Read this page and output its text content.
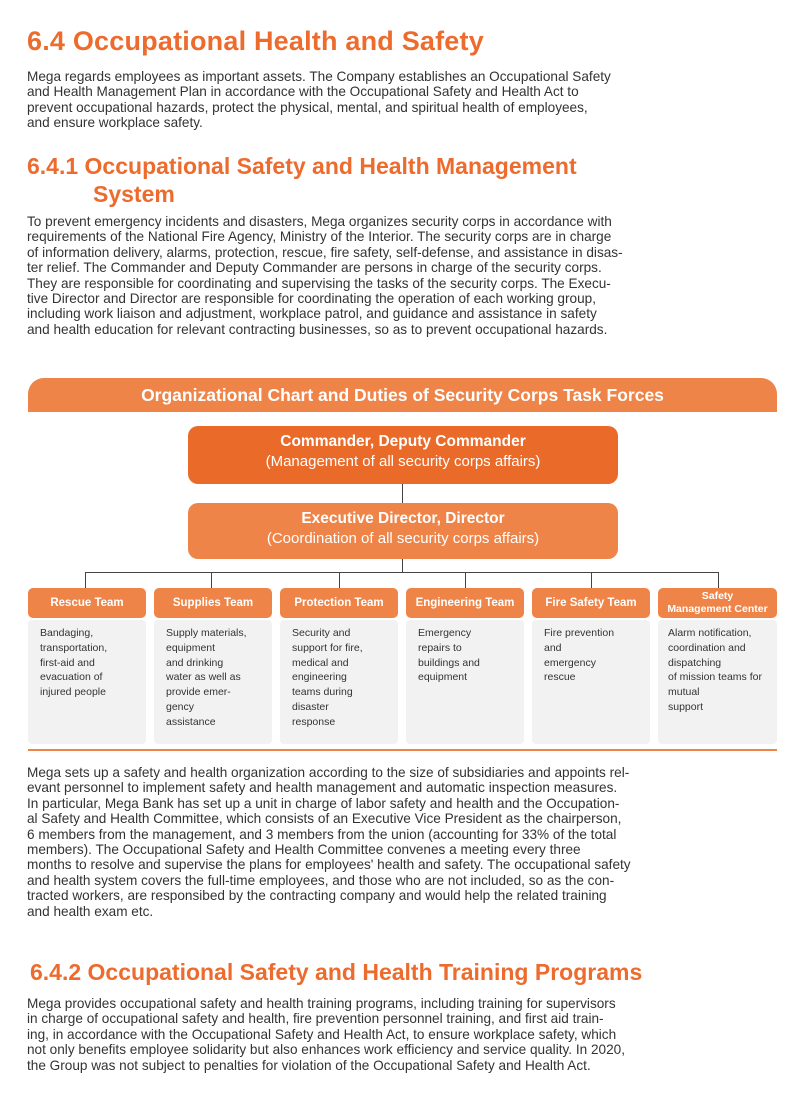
6.4 Occupational Health and Safety
Mega regards employees as important assets. The Company establishes an Occupational Safety
and Health Management Plan in accordance with the Occupational Safety and Health Act to
prevent occupational hazards, protect the physical, mental, and spiritual health of employees,
and ensure workplace safety.
6.4.1 Occupational Safety and Health Management
System
To prevent emergency incidents and disasters, Mega organizes security corps in accordance with
requirements of the National Fire Agency, Ministry of the Interior. The security corps are in charge
of information delivery, alarms, protection, rescue, fire safety, self-defense, and assistance in disas-
ter relief. The Commander and Deputy Commander are persons in charge of the security corps.
They are responsible for coordinating and supervising the tasks of the security corps. The Execu-
tive Director and Director are responsible for coordinating the operation of each working group,
including work liaison and adjustment, workplace patrol, and guidance and assistance in safety
and health education for relevant contracting businesses, so as to prevent occupational hazards.
Organizational Chart and Duties of Security Corps Task Forces
Commander, Deputy Commander
(Management of all security corps affairs)
Executive Director, Director
(Coordination of all security corps affairs)
Rescue Team
Bandaging,
transportation,
first-aid and
evacuation of
injured people
Supplies Team
Supply materials,
equipment
and drinking
water as well as
provide emer-
gency
assistance
Protection Team
Security and
support for fire,
medical and
engineering
teams during
disaster
response
Engineering Team
Emergency
repairs to
buildings and
equipment
Fire Safety Team
Fire prevention
and
emergency
rescue
Safety
Management Center
Alarm notification,
coordination and
dispatching
of mission teams for
mutual
support
Mega sets up a safety and health organization according to the size of subsidiaries and appoints rel-
evant personnel to implement safety and health management and automatic inspection measures.
In particular, Mega Bank has set up a unit in charge of labor safety and health and the Occupation-
al Safety and Health Committee, which consists of an Executive Vice President as the chairperson,
6 members from the management, and 3 members from the union (accounting for 33% of the total
members). The Occupational Safety and Health Committee convenes a meeting every three
months to resolve and supervise the plans for employees' health and safety. The occupational safety
and health system covers the full-time employees, and those who are not included, so as the con-
tracted workers, are responsibed by the contracting company and would help the related training
and health exam etc.
6.4.2 Occupational Safety and Health Training Programs
Mega provides occupational safety and health training programs, including training for supervisors
in charge of occupational safety and health, fire prevention personnel training, and first aid train-
ing, in accordance with the Occupational Safety and Health Act, to ensure workplace safety, which
not only benefits employee solidarity but also enhances work efficiency and service quality. In 2020,
the Group was not subject to penalties for violation of the Occupational Safety and Health Act.
